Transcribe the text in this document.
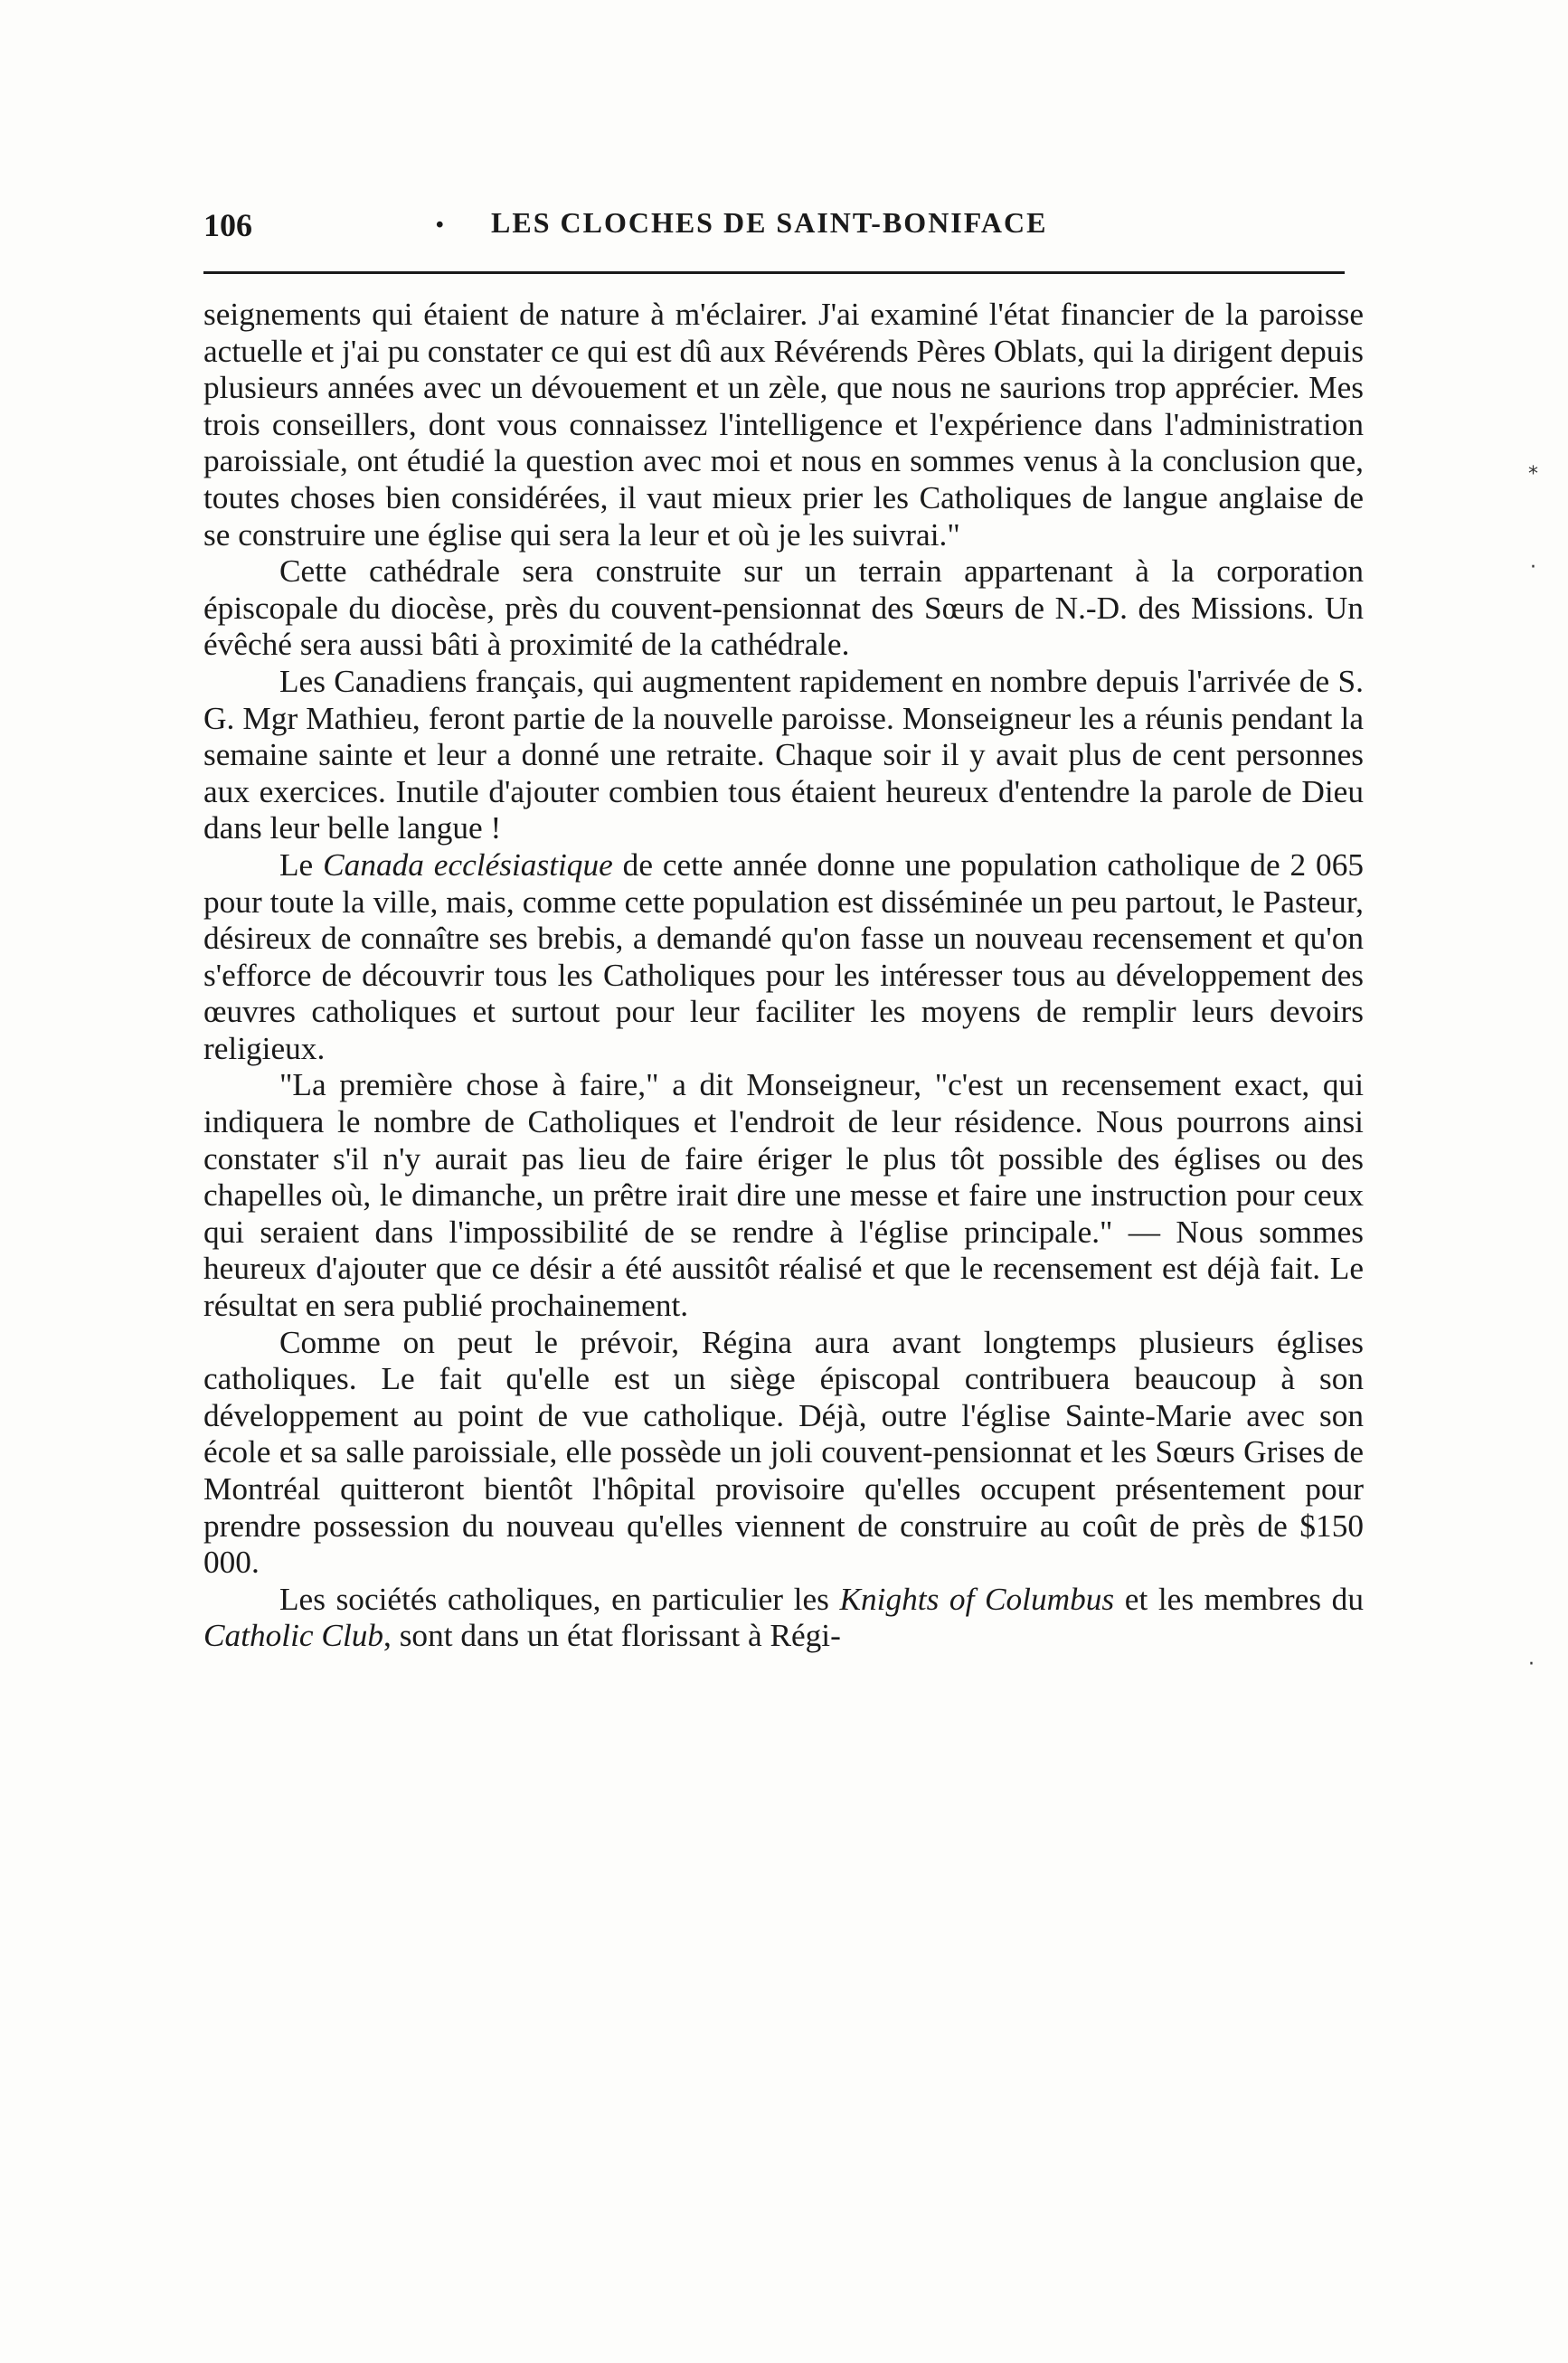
106	· LES CLOCHES DE SAINT-BONIFACE

seignements qui étaient de nature à m'éclairer. J'ai examiné l'état financier de la paroisse actuelle et j'ai pu constater ce qui est dû aux Révérends Pères Oblats, qui la dirigent depuis plusieurs années avec un dévouement et un zèle, que nous ne saurions trop apprécier. Mes trois conseillers, dont vous connaissez l'intelligence et l'expérience dans l'administration paroissiale, ont étudié la question avec moi et nous en sommes venus à la conclusion que, toutes choses bien considérées, il vaut mieux prier les Catholiques de langue anglaise de se construire une église qui sera la leur et où je les suivrai."

Cette cathédrale sera construite sur un terrain appartenant à la corporation épiscopale du diocèse, près du couvent-pensionnat des Sœurs de N.-D. des Missions. Un évêché sera aussi bâti à proximité de la cathédrale.

Les Canadiens français, qui augmentent rapidement en nombre depuis l'arrivée de S. G. Mgr Mathieu, feront partie de la nouvelle paroisse. Monseigneur les a réunis pendant la semaine sainte et leur a donné une retraite. Chaque soir il y avait plus de cent personnes aux exercices. Inutile d'ajouter combien tous étaient heureux d'entendre la parole de Dieu dans leur belle langue !

Le Canada ecclésiastique de cette année donne une population catholique de 2 065 pour toute la ville, mais, comme cette population est disséminée un peu partout, le Pasteur, désireux de connaître ses brebis, a demandé qu'on fasse un nouveau recensement et qu'on s'efforce de découvrir tous les Catholiques pour les intéresser tous au développement des œuvres catholiques et surtout pour leur faciliter les moyens de remplir leurs devoirs religieux.

"La première chose à faire," a dit Monseigneur, "c'est un recensement exact, qui indiquera le nombre de Catholiques et l'endroit de leur résidence. Nous pourrons ainsi constater s'il n'y aurait pas lieu de faire ériger le plus tôt possible des églises ou des chapelles où, le dimanche, un prêtre irait dire une messe et faire une instruction pour ceux qui seraient dans l'impossibilité de se rendre à l'église principale." — Nous sommes heureux d'ajouter que ce désir a été aussitôt réalisé et que le recensement est déjà fait. Le résultat en sera publié prochainement.

Comme on peut le prévoir, Régina aura avant longtemps plusieurs églises catholiques. Le fait qu'elle est un siège épiscopal contribuera beaucoup à son développement au point de vue catholique. Déjà, outre l'église Sainte-Marie avec son école et sa salle paroissiale, elle possède un joli couvent-pensionnat et les Sœurs Grises de Montréal quitteront bientôt l'hôpital provisoire qu'elles occupent présentement pour prendre possession du nouveau qu'elles viennent de construire au coût de près de $150 000.

Les sociétés catholiques, en particulier les Knights of Columbus et les membres du Catholic Club, sont dans un état florissant à Régi-

⁎
·
·
